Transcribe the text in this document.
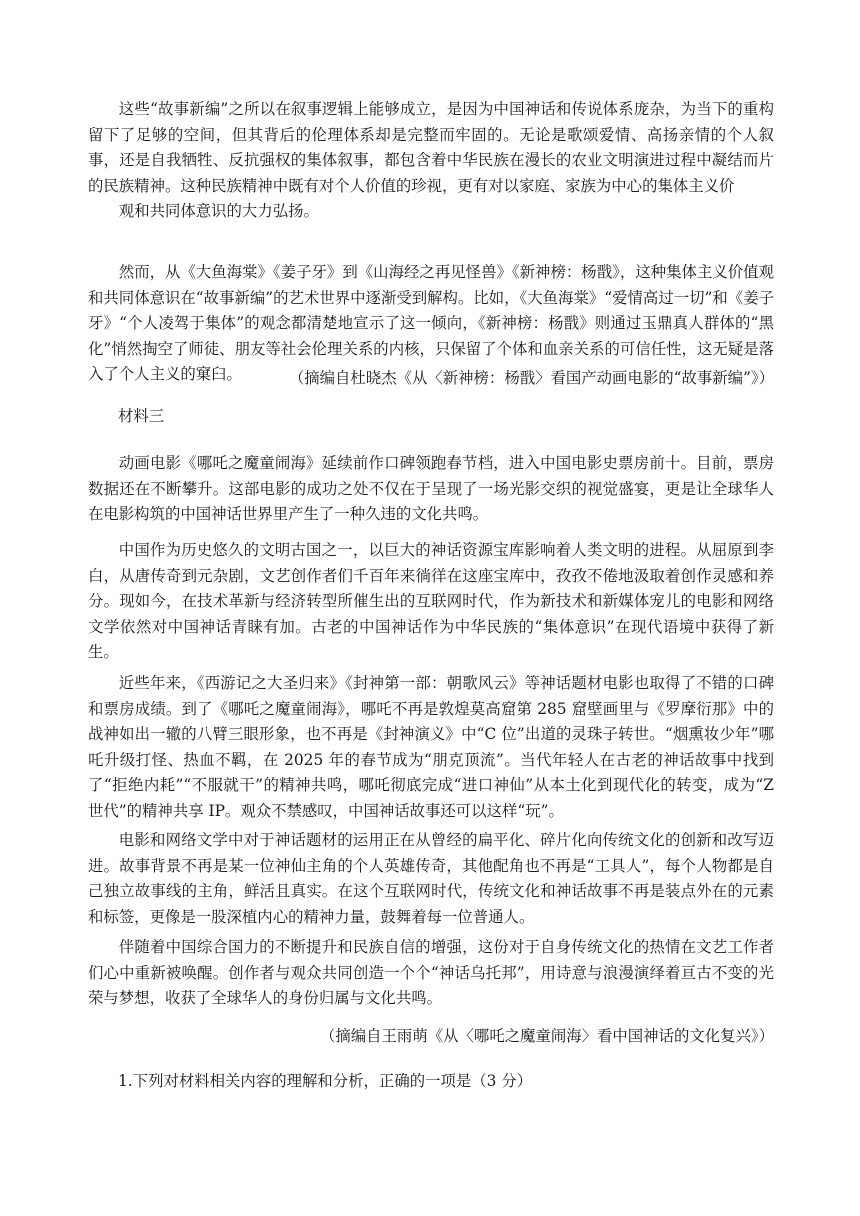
这些“故事新编”之所以在叙事逻辑上能够成立，是因为中国神话和传说体系庞杂，为当下的重构留下了足够的空间，但其背后的伦理体系却是完整而牢固的。无论是歌颂爱情、高扬亲情的个人叙事，还是自我牺牲、反抗强权的集体叙事，都包含着中华民族在漫长的农业文明演进过程中凝结而片的民族精神。这种民族精神中既有对个人价值的珍视，更有对以家庭、家族为中心的集体主义价
观和共同体意识的大力弘扬。

然而，从《大鱼海棠》《姜子牙》到《山海经之再见怪兽》《新神榜：杨戬》，这种集体主义价值观和共同体意识在“故事新编”的艺术世界中逐渐受到解构。比如，《大鱼海棠》“爱情高过一切”和《姜子牙》“个人凌驾于集体”的观念都清楚地宣示了这一倾向，《新神榜：杨戬》则通过玉鼎真人群体的“黑化”悄然掏空了师徒、朋友等社会伦理关系的内核，只保留了个体和血亲关系的可信任性，这无疑是落入了个人主义的窠臼。	（摘编自杜晓杰《从〈新神榜：杨戬〉看国产动画电影的“故事新编”》）

材料三

动画电影《哪吒之魔童闹海》延续前作口碑领跑春节档，进入中国电影史票房前十。目前，票房数据还在不断攀升。这部电影的成功之处不仅在于呈现了一场光影交织的视觉盛宴，更是让全球华人在电影构筑的中国神话世界里产生了一种久违的文化共鸣。

中国作为历史悠久的文明古国之一，以巨大的神话资源宝库影响着人类文明的进程。从屈原到李白，从唐传奇到元杂剧，文艺创作者们千百年来徜徉在这座宝库中，孜孜不倦地汲取着创作灵感和养分。现如今，在技术革新与经济转型所催生出的互联网时代，作为新技术和新媒体宠儿的电影和网络文学依然对中国神话青睐有加。古老的中国神话作为中华民族的“集体意识”在现代语境中获得了新生。

近些年来，《西游记之大圣归来》《封神第一部：朝歌风云》等神话题材电影也取得了不错的口碑和票房成绩。到了《哪吒之魔童闹海》，哪吒不再是敦煌莫高窟第 285 窟壁画里与《罗摩衍那》中的战神如出一辙的八臂三眼形象，也不再是《封神演义》中“C 位”出道的灵珠子转世。“烟熏妆少年”哪吒升级打怪、热血不羁，在 2025 年的春节成为“朋克顶流”。当代年轻人在古老的神话故事中找到了“拒绝内耗”“不服就干”的精神共鸣，哪吒彻底完成“进口神仙”从本土化到现代化的转变，成为“Z 世代”的精神共享 IP。观众不禁感叹，中国神话故事还可以这样“玩”。

电影和网络文学中对于神话题材的运用正在从曾经的扁平化、碎片化向传统文化的创新和改写迈进。故事背景不再是某一位神仙主角的个人英雄传奇，其他配角也不再是“工具人”，每个人物都是自己独立故事线的主角，鲜活且真实。在这个互联网时代，传统文化和神话故事不再是装点外在的元素和标签，更像是一股深植内心的精神力量，鼓舞着每一位普通人。

伴随着中国综合国力的不断提升和民族自信的增强，这份对于自身传统文化的热情在文艺工作者们心中重新被唤醒。创作者与观众共同创造一个个“神话乌托邦”，用诗意与浪漫演绎着亘古不变的光荣与梦想，收获了全球华人的身份归属与文化共鸣。

（摘编自王雨萌《从〈哪吒之魔童闹海〉看中国神话的文化复兴》）

1.下列对材料相关内容的理解和分析，正确的一项是（3 分）
